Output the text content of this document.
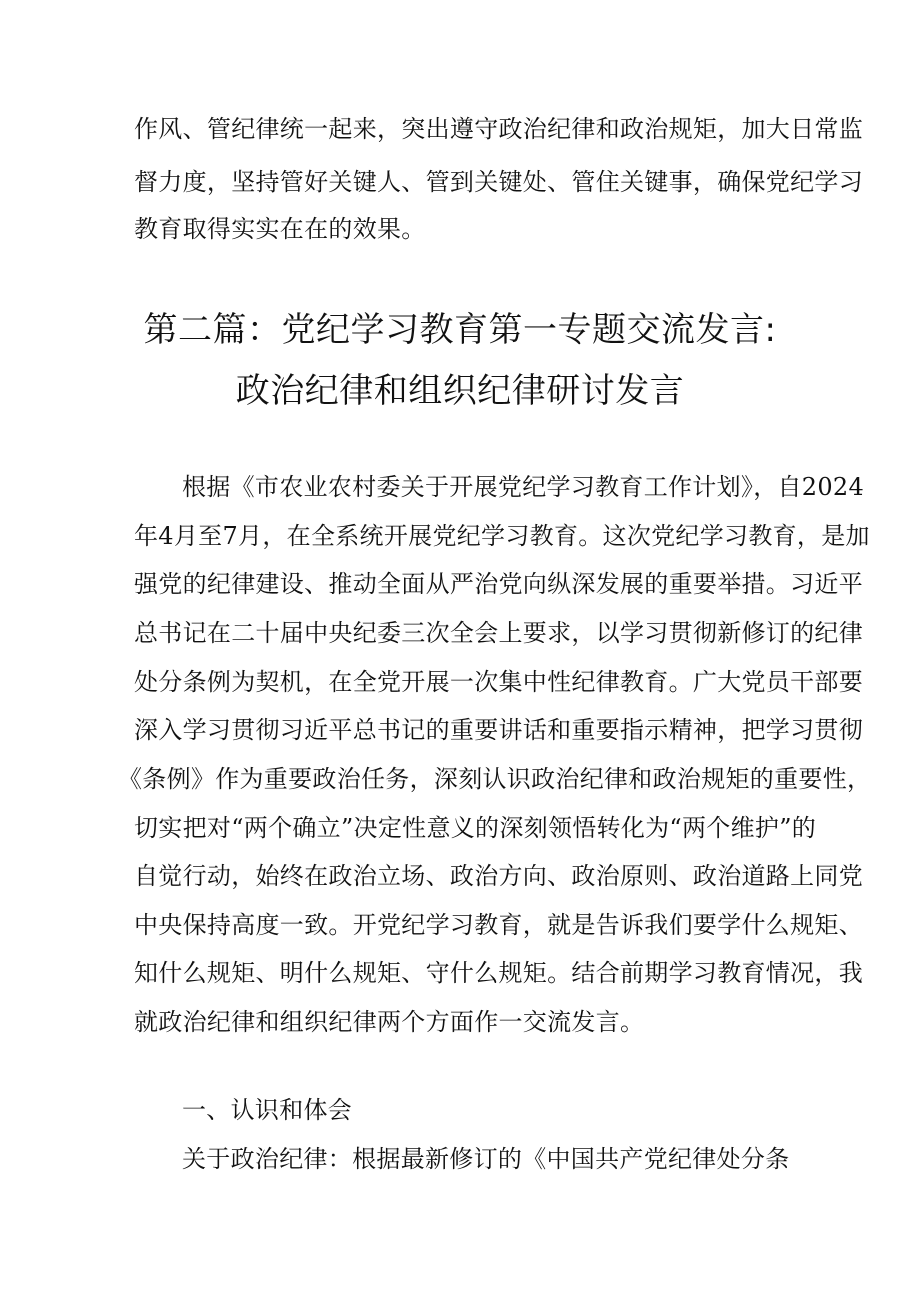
作风、管纪律统一起来，突出遵守政治纪律和政治规矩，加大日常监
督力度，坚持管好关键人、管到关键处、管住关键事，确保党纪学习
教育取得实实在在的效果。
第二篇：党纪学习教育第一专题交流发言:
政治纪律和组织纪律研讨发言
根据《市农业农村委关于开展党纪学习教育工作计划》，自2024
年4月至7月，在全系统开展党纪学习教育。这次党纪学习教育，是加
强党的纪律建设、推动全面从严治党向纵深发展的重要举措。习近平
总书记在二十届中央纪委三次全会上要求，以学习贯彻新修订的纪律
处分条例为契机，在全党开展一次集中性纪律教育。广大党员干部要
深入学习贯彻习近平总书记的重要讲话和重要指示精神，把学习贯彻
《条例》作为重要政治任务，深刻认识政治纪律和政治规矩的重要性，
切实把对“两个确立”决定性意义的深刻领悟转化为“两个维护”的
自觉行动，始终在政治立场、政治方向、政治原则、政治道路上同党
中央保持高度一致。开党纪学习教育，就是告诉我们要学什么规矩、
知什么规矩、明什么规矩、守什么规矩。结合前期学习教育情况，我
就政治纪律和组织纪律两个方面作一交流发言。
一、认识和体会
关于政治纪律：根据最新修订的《中国共产党纪律处分条
